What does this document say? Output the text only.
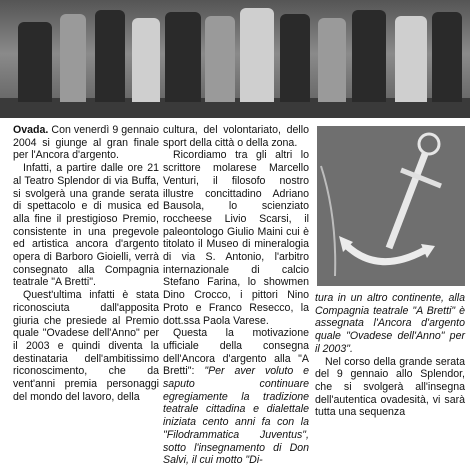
Ovada. Con venerdì 9 gennaio 2004 si giunge al gran finale per l'Ancora d'argento.

Infatti, a partire dalle ore 21 al Teatro Splendor di via Buffa, si svolgerà una grande serata di spettacolo e di musica ed alla fine il prestigioso Premio, consistente in una pregevole ed artistica ancora d'argento opera di Barboro Gioielli, verrà consegnato alla Compagnia teatrale "A Bretti".

Quest'ultima infatti è stata riconosciuta dall'apposita giuria che presiede al Premio quale "Ovadese dell'Anno" per il 2003 e quindi diventa la destinataria dell'ambitissimo riconoscimento, che da vent'anni premia personaggi del mondo del lavoro, della

cultura, del volontariato, dello sport della città o della zona.

Ricordiamo tra gli altri lo scrittore molarese Marcello Venturi, il filosofo nostro illustre concittadino Adriano Bausola, lo scienziato roccheese Livio Scarsi, il paleontologo Giulio Maini cui è titolato il Museo di mineralogia di via S. Antonio, l'arbitro internazionale di calcio Stefano Farina, lo showmen Dino Crocco, i pittori Nino Proto e Franco Resecco, la dott.ssa Paola Varese.

Questa la motivazione ufficiale della consegna dell'Ancora d'argento alla "A Bretti": "Per aver voluto e saputo continuare egregiamente la tradizione teatrale cittadina e dialettale iniziata cento anni fa con la "Filodrammatica Juventus", sotto l'insegnamento di Don Salvi, il cui motto "Di-

tura in un altro continente, alla Compagnia teatrale "A Bretti" è assegnata l'Ancora d'argento quale "Ovadese dell'Anno" per il 2003".

Nel corso della grande serata del 9 gennaio allo Splendor, che si svolgerà all'insegna dell'autentica ovadesità, vi sarà tutta una sequenza
